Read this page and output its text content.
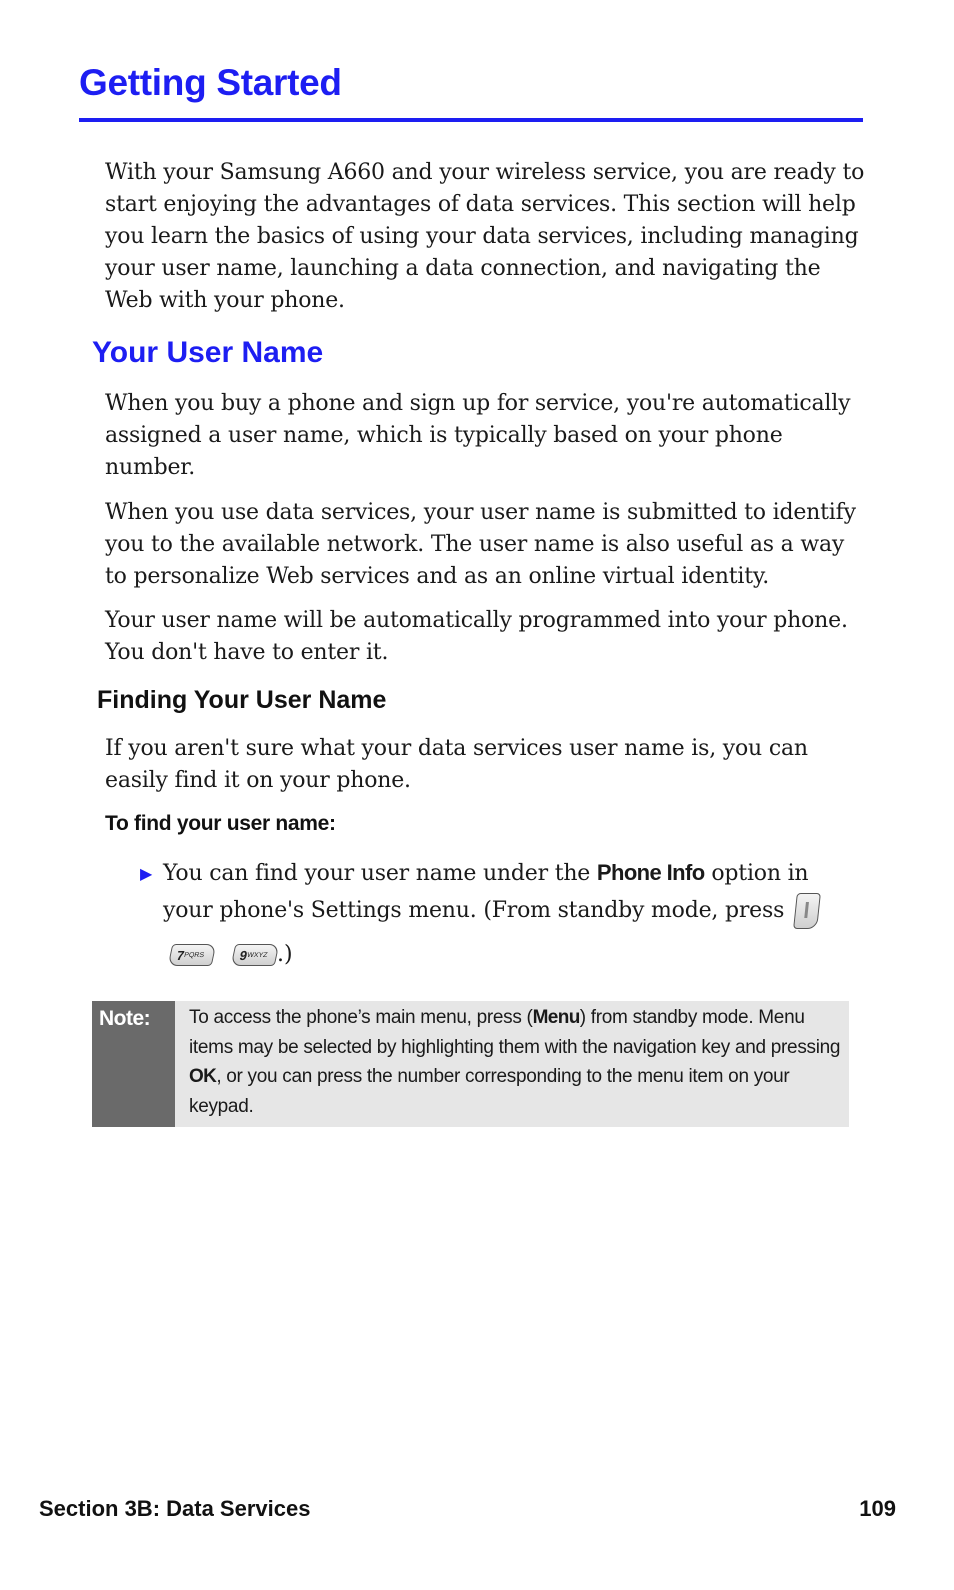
Getting Started

With your Samsung A660 and your wireless service, you are ready to start enjoying the advantages of data services. This section will help you learn the basics of using your data services, including managing your user name, launching a data connection, and navigating the Web with your phone.

Your User Name

When you buy a phone and sign up for service, you're automatically assigned a user name, which is typically based on your phone number.

When you use data services, your user name is submitted to identify you to the available network. The user name is also useful as a way to personalize Web services and as an online virtual identity.

Your user name will be automatically programmed into your phone. You don't have to enter it.

Finding Your User Name

If you aren't sure what your data services user name is, you can easily find it on your phone.

To find your user name:
▶ You can find your user name under the Phone Info option in your phone's Settings menu. (From standby mode, press

$7^{PQRS}$	$9^{WXYZ}$ .)
Note: To access the phone’s main menu, press (Menu) from standby mode. Menu items may be selected by highlighting them with the navigation key and pressing OK, or you can press the number corresponding to the menu item on your keypad.

Section 3B: Data Services	109
